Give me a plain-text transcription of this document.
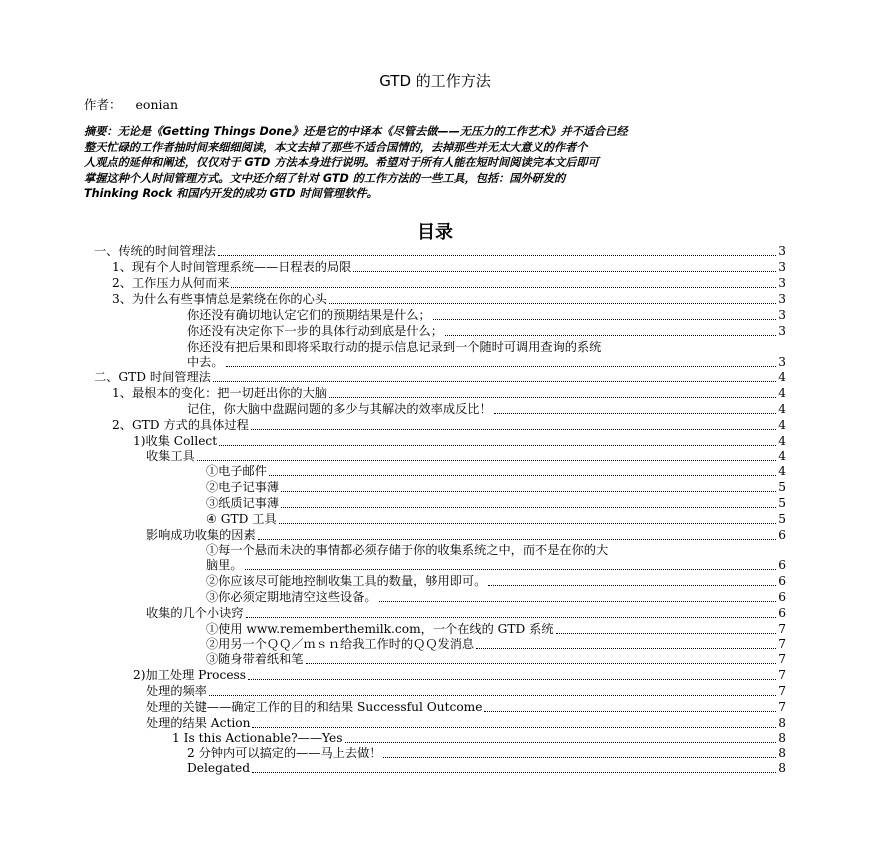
GTD 的工作方法
作者： eonian
摘要：无论是《Getting Things Done》还是它的中译本《尽管去做——无压力的工作艺术》并不适合已经
整天忙碌的工作者抽时间来细细阅读，本文去掉了那些不适合国情的，去掉那些并无太大意义的作者个
人观点的延伸和阐述，仅仅对于 GTD 方法本身进行说明。希望对于所有人能在短时间阅读完本文后即可
掌握这种个人时间管理方式。文中还介绍了针对 GTD 的工作方法的一些工具，包括：国外研发的
Thinking Rock 和国内开发的成功 GTD 时间管理软件。
目录
一、传统的时间管理法	3
1、现有个人时间管理系统——日程表的局限	3
2、工作压力从何而来	3
3、为什么有些事情总是萦绕在你的心头	3
你还没有确切地认定它们的预期结果是什么；	3
你还没有决定你下一步的具体行动到底是什么；	3
你还没有把后果和即将采取行动的提示信息记录到一个随时可调用查询的系统
中去。	3
二、GTD 时间管理法	4
1、最根本的变化：把一切赶出你的大脑	4
记住，你大脑中盘踞问题的多少与其解决的效率成反比！	4
2、GTD 方式的具体过程	4
1)收集 Collect	4
收集工具	4
①电子邮件	4
②电子记事薄	5
③纸质记事薄	5
④ GTD 工具	5
影响成功收集的因素	6
①每一个悬而未决的事情都必须存储于你的收集系统之中，而不是在你的大
脑里。	6
②你应该尽可能地控制收集工具的数量，够用即可。	6
③你必须定期地清空这些设备。	6
收集的几个小诀窍	6
①使用 www.rememberthemilk.com，一个在线的 GTD 系统	7
②用另一个ＱＱ／ｍｓｎ给我工作时的ＱＱ发消息	7
③随身带着纸和笔	7
2)加工处理 Process	7
处理的频率	7
处理的关键——确定工作的目的和结果 Successful Outcome	7
处理的结果 Action	8
1 Is this Actionable?——Yes	8
2 分钟内可以搞定的——马上去做！	8
Delegated	8
